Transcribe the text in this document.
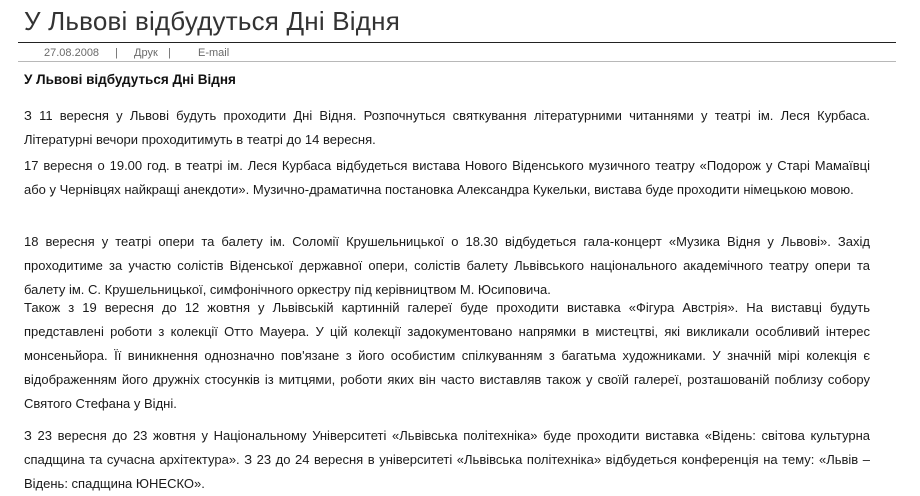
У Львові відбудуться Дні Відня
27.08.2008 | Друк | E-mail
У Львові відбудуться Дні Відня

З 11 вересня у Львові будуть проходити Дні Відня. Розпочнуться святкування літературними читаннями у театрі ім. Леся Курбаса. Літературні вечори проходитимуть в театрі до 14 вересня.

17 вересня о 19.00 год. в театрі ім. Леся Курбаса відбудеться вистава Нового Віденського музичного театру «Подорож у Старі Мамаївці або у Чернівцях найкращі анекдоти». Музично-драматична постановка Александра Кукельки, вистава буде проходити німецькою мовою.

18 вересня у театрі опери та балету ім. Соломії Крушельницької о 18.30 відбудеться гала-концерт «Музика Відня у Львові». Захід проходитиме за участю солістів Віденської державної опери, солістів балету Львівського національного академічного театру опери та балету ім. С. Крушельницької, симфонічного оркестру під керівництвом М. Юсиповича.

Також з 19 вересня до 12 жовтня у Львівській картинній галереї буде проходити виставка «Фігура Австрія». На виставці будуть представлені роботи з колекції Отто Мауера. У цій колекції задокументовано напрямки в мистецтві, які викликали особливий інтерес монсеньйора. Її виникнення однозначно пов'язане з його особистим спілкуванням з багатьма художниками. У значній мірі колекція є відображенням його дружніх стосунків із митцями, роботи яких він часто виставляв також у своїй галереї, розташованій поблизу собору Святого Стефана у Відні.

З 23 вересня до 23 жовтня у Національному Університеті «Львівська політехніка» буде проходити виставка «Відень: світова культурна спадщина та сучасна архітектура». З 23 до 24 вересня в університеті «Львівська політехніка» відбудеться конференція на тему: «Львів – Відень: спадщина ЮНЕСКО».
